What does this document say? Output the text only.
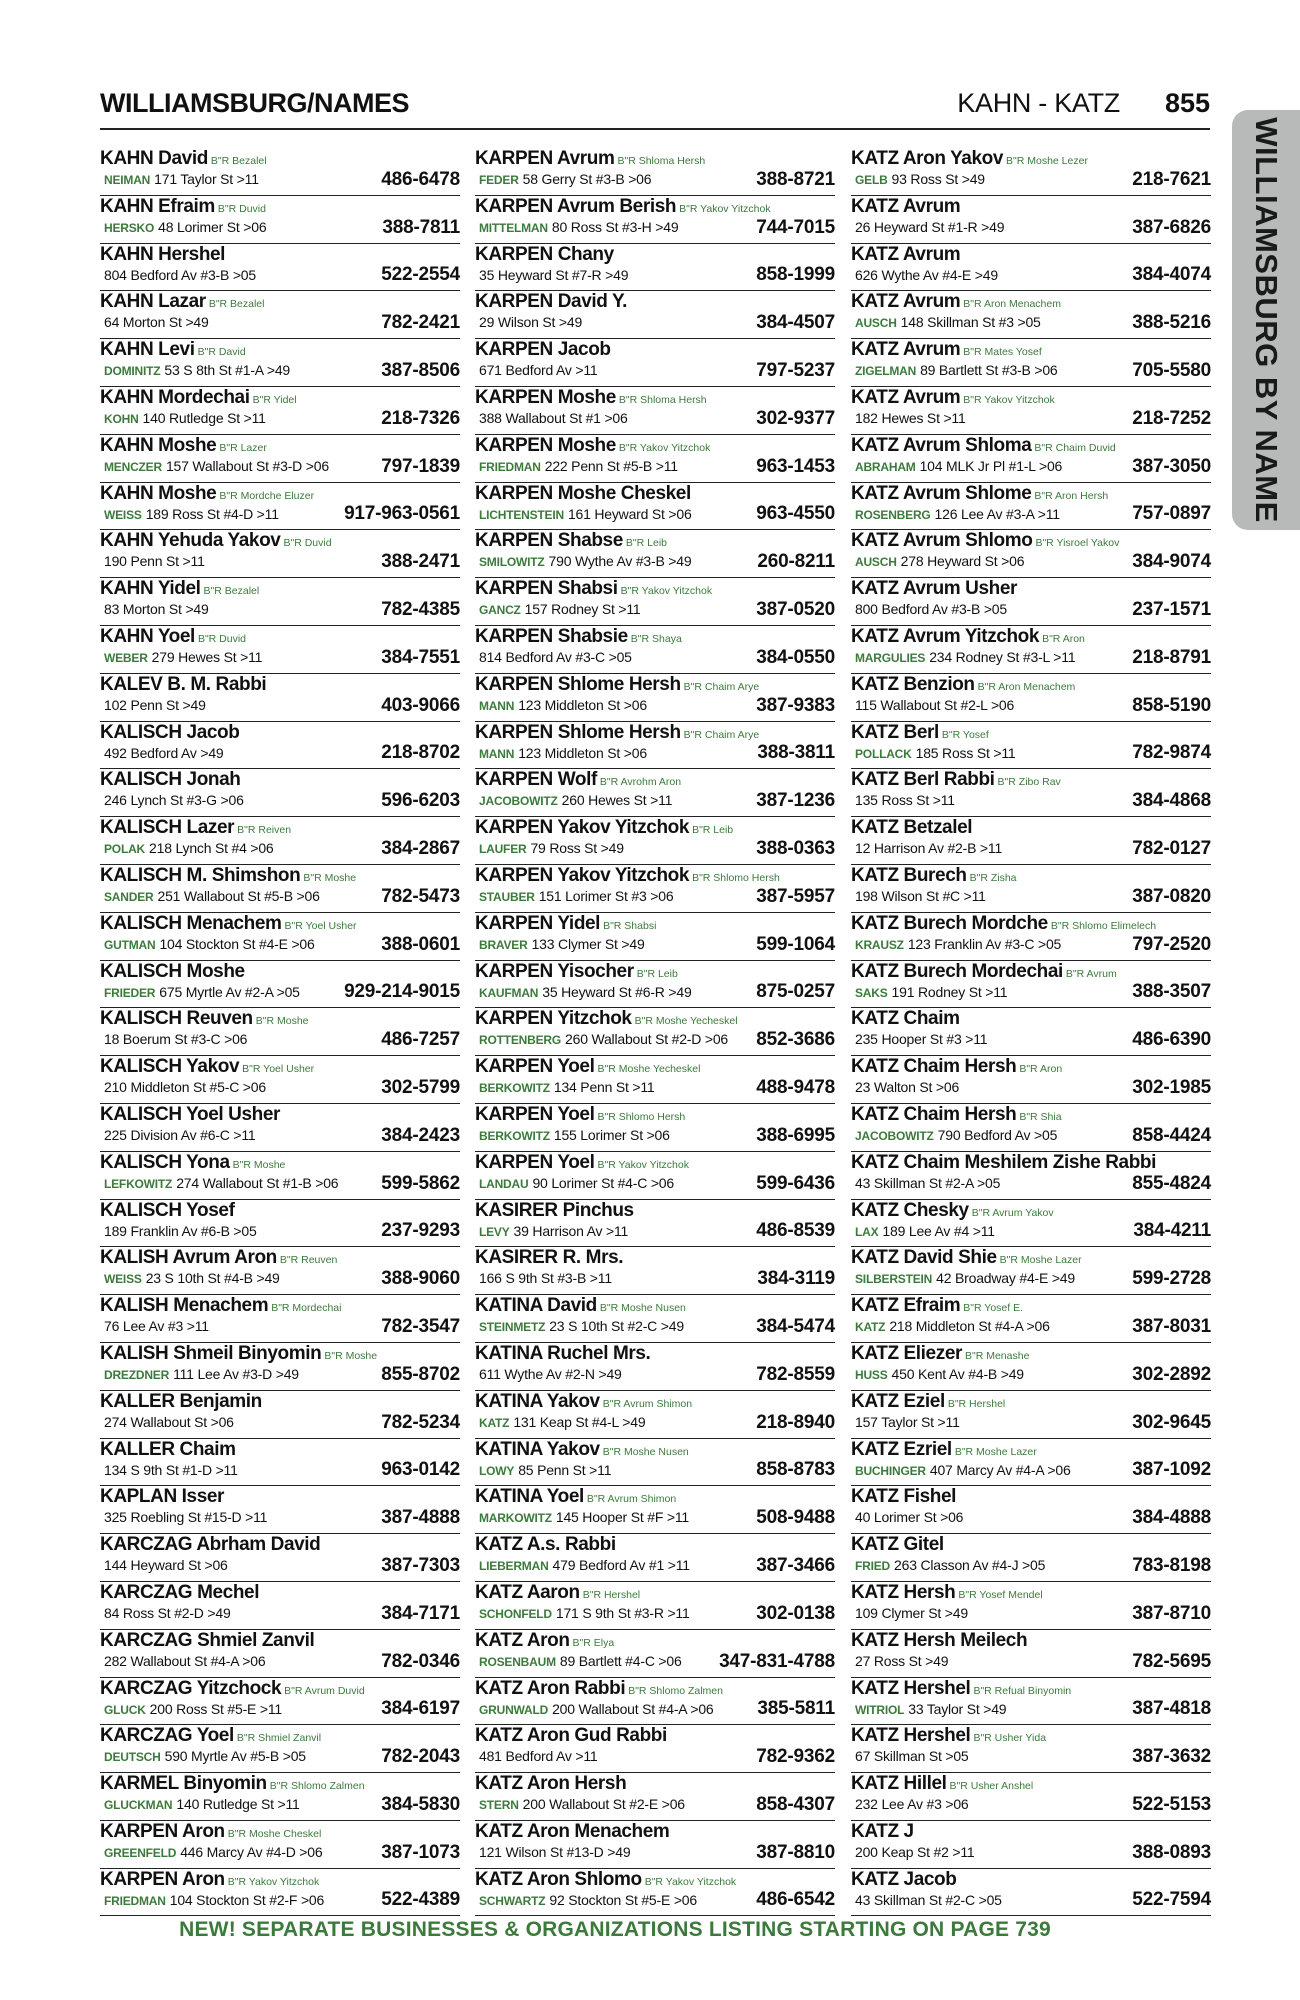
WILLIAMSBURG/NAMES	KAHN - KATZ 855
WILLIAMSBURG BY NAME
KAHN David B"R Bezalel
NEIMAN 171 Taylor St >11	486-6478
KAHN Efraim B"R Duvid
HERSKO 48 Lorimer St >06	388-7811
KAHN Hershel
804 Bedford Av #3-B >05	522-2554
KAHN Lazar B"R Bezalel
64 Morton St >49	782-2421
KAHN Levi B"R David
DOMINITZ 53 S 8th St #1-A >49	387-8506
KAHN Mordechai B"R Yidel
KOHN 140 Rutledge St >11	218-7326
KAHN Moshe B"R Lazer
MENCZER 157 Wallabout St #3-D >06	797-1839
KAHN Moshe B"R Mordche Eluzer
WEISS 189 Ross St #4-D >11	917-963-0561
KAHN Yehuda Yakov B"R Duvid
190 Penn St >11	388-2471
KAHN Yidel B"R Bezalel
83 Morton St >49	782-4385
KAHN Yoel B"R Duvid
WEBER 279 Hewes St >11	384-7551
KALEV B. M. Rabbi
102 Penn St >49	403-9066
KALISCH Jacob
492 Bedford Av >49	218-8702
KALISCH Jonah
246 Lynch St #3-G >06	596-6203
KALISCH Lazer B"R Reiven
POLAK 218 Lynch St #4 >06	384-2867
KALISCH M. Shimshon B"R Moshe
SANDER 251 Wallabout St #5-B >06	782-5473
KALISCH Menachem B"R Yoel Usher
GUTMAN 104 Stockton St #4-E >06	388-0601
KALISCH Moshe
FRIEDER 675 Myrtle Av #2-A >05 929-214-9015
KALISCH Reuven B"R Moshe
18 Boerum St #3-C >06	486-7257
KALISCH Yakov B"R Yoel Usher
210 Middleton St #5-C >06	302-5799
KALISCH Yoel Usher
225 Division Av #6-C >11	384-2423
KALISCH Yona B"R Moshe
LEFKOWITZ 274 Wallabout St #1-B >06 599-5862
KALISCH Yosef
189 Franklin Av #6-B >05	237-9293
KALISH Avrum Aron B"R Reuven
WEISS 23 S 10th St #4-B >49	388-9060
KALISH Menachem B"R Mordechai
76 Lee Av #3 >11	782-3547
KALISH Shmeil Binyomin B"R Moshe
DREZDNER 111 Lee Av #3-D >49	855-8702
KALLER Benjamin
274 Wallabout St >06	782-5234
KALLER Chaim
134 S 9th St #1-D >11	963-0142
KAPLAN Isser
325 Roebling St #15-D >11	387-4888
KARCZAG Abrham David
144 Heyward St >06	387-7303
KARCZAG Mechel
84 Ross St #2-D >49	384-7171
KARCZAG Shmiel Zanvil
282 Wallabout St #4-A >06	782-0346
KARCZAG Yitzchock B"R Avrum Duvid
GLUCK 200 Ross St #5-E >11	384-6197
KARCZAG Yoel B"R Shmiel Zanvil
DEUTSCH 590 Myrtle Av #5-B >05	782-2043
KARMEL Binyomin B"R Shlomo Zalmen
GLUCKMAN 140 Rutledge St >11	384-5830
KARPEN Aron B"R Moshe Cheskel
GREENFELD 446 Marcy Av #4-D >06	387-1073
KARPEN Aron B"R Yakov Yitzchok
FRIEDMAN 104 Stockton St #2-F >06	522-4389
KARPEN Avrum B"R Shloma Hersh
FEDER 58 Gerry St #3-B >06	388-8721
KARPEN Avrum Berish B"R Yakov Yitzchok
MITTELMAN 80 Ross St #3-H >49	744-7015
KARPEN Chany
35 Heyward St #7-R >49	858-1999
KARPEN David Y.
29 Wilson St >49	384-4507
KARPEN Jacob
671 Bedford Av >11	797-5237
KARPEN Moshe B"R Shloma Hersh
388 Wallabout St #1 >06	302-9377
KARPEN Moshe B"R Yakov Yitzchok
FRIEDMAN 222 Penn St #5-B >11	963-1453
KARPEN Moshe Cheskel
LICHTENSTEIN 161 Heyward St >06	963-4550
KARPEN Shabse B"R Leib
SMILOWITZ 790 Wythe Av #3-B >49	260-8211
KARPEN Shabsi B"R Yakov Yitzchok
GANCZ 157 Rodney St >11	387-0520
KARPEN Shabsie B"R Shaya
814 Bedford Av #3-C >05	384-0550
KARPEN Shlome Hersh B"R Chaim Arye
MANN 123 Middleton St >06	387-9383
KARPEN Shlome Hersh B"R Chaim Arye
MANN 123 Middleton St >06	388-3811
KARPEN Wolf B"R Avrohm Aron
JACOBOWITZ 260 Hewes St >11	387-1236
KARPEN Yakov Yitzchok B"R Leib
LAUFER 79 Ross St >49	388-0363
KARPEN Yakov Yitzchok B"R Shlomo Hersh
STAUBER 151 Lorimer St #3 >06	387-5957
KARPEN Yidel B"R Shabsi
BRAVER 133 Clymer St >49	599-1064
KARPEN Yisocher B"R Leib
KAUFMAN 35 Heyward St #6-R >49	875-0257
KARPEN Yitzchok B"R Moshe Yecheskel
ROTTENBERG 260 Wallabout St #2-D >06 852-3686
KARPEN Yoel B"R Moshe Yecheskel
BERKOWITZ 134 Penn St >11	488-9478
KARPEN Yoel B"R Shlomo Hersh
BERKOWITZ 155 Lorimer St >06	388-6995
KARPEN Yoel B"R Yakov Yitzchok
LANDAU 90 Lorimer St #4-C >06	599-6436
KASIRER Pinchus
LEVY 39 Harrison Av >11	486-8539
KASIRER R. Mrs.
166 S 9th St #3-B >11	384-3119
KATINA David B"R Moshe Nusen
STEINMETZ 23 S 10th St #2-C >49	384-5474
KATINA Ruchel Mrs.
611 Wythe Av #2-N >49	782-8559
KATINA Yakov B"R Avrum Shimon
KATZ 131 Keap St #4-L >49	218-8940
KATINA Yakov B"R Moshe Nusen
LOWY 85 Penn St >11	858-8783
KATINA Yoel B"R Avrum Shimon
MARKOWITZ 145 Hooper St #F >11	508-9488
KATZ A.s. Rabbi
LIEBERMAN 479 Bedford Av #1 >11	387-3466
KATZ Aaron B"R Hershel
SCHONFELD 171 S 9th St #3-R >11	302-0138
KATZ Aron B"R Elya
ROSENBAUM 89 Bartlett #4-C >06 347-831-4788
KATZ Aron Rabbi B"R Shlomo Zalmen
GRUNWALD 200 Wallabout St #4-A >06 385-5811
KATZ Aron Gud Rabbi
481 Bedford Av >11	782-9362
KATZ Aron Hersh
STERN 200 Wallabout St #2-E >06	858-4307
KATZ Aron Menachem
121 Wilson St #13-D >49	387-8810
KATZ Aron Shlomo B"R Yakov Yitzchok
SCHWARTZ 92 Stockton St #5-E >06	486-6542
KATZ Aron Yakov B"R Moshe Lezer
GELB 93 Ross St >49	218-7621
KATZ Avrum
26 Heyward St #1-R >49	387-6826
KATZ Avrum
626 Wythe Av #4-E >49	384-4074
KATZ Avrum B"R Aron Menachem
AUSCH 148 Skillman St #3 >05	388-5216
KATZ Avrum B"R Mates Yosef
ZIGELMAN 89 Bartlett St #3-B >06	705-5580
KATZ Avrum B"R Yakov Yitzchok
182 Hewes St >11	218-7252
KATZ Avrum Shloma B"R Chaim Duvid
ABRAHAM 104 MLK Jr Pl #1-L >06	387-3050
KATZ Avrum Shlome B"R Aron Hersh
ROSENBERG 126 Lee Av #3-A >11	757-0897
KATZ Avrum Shlomo B"R Yisroel Yakov
AUSCH 278 Heyward St >06	384-9074
KATZ Avrum Usher
800 Bedford Av #3-B >05	237-1571
KATZ Avrum Yitzchok B"R Aron
MARGULIES 234 Rodney St #3-L >11	218-8791
KATZ Benzion B"R Aron Menachem
115 Wallabout St #2-L >06	858-5190
KATZ Berl B"R Yosef
POLLACK 185 Ross St >11	782-9874
KATZ Berl Rabbi B"R Zibo Rav
135 Ross St >11	384-4868
KATZ Betzalel
12 Harrison Av #2-B >11	782-0127
KATZ Burech B"R Zisha
198 Wilson St #C >11	387-0820
KATZ Burech Mordche B"R Shlomo Elimelech
KRAUSZ 123 Franklin Av #3-C >05	797-2520
KATZ Burech Mordechai B"R Avrum
SAKS 191 Rodney St >11	388-3507
KATZ Chaim
235 Hooper St #3 >11	486-6390
KATZ Chaim Hersh B"R Aron
23 Walton St >06	302-1985
KATZ Chaim Hersh B"R Shia
JACOBOWITZ 790 Bedford Av >05	858-4424
KATZ Chaim Meshilem Zishe Rabbi
43 Skillman St #2-A >05	855-4824
KATZ Chesky B"R Avrum Yakov
LAX 189 Lee Av #4 >11	384-4211
KATZ David Shie B"R Moshe Lazer
SILBERSTEIN 42 Broadway #4-E >49	599-2728
KATZ Efraim B"R Yosef E.
KATZ 218 Middleton St #4-A >06	387-8031
KATZ Eliezer B"R Menashe
HUSS 450 Kent Av #4-B >49	302-2892
KATZ Eziel B"R Hershel
157 Taylor St >11	302-9645
KATZ Ezriel B"R Moshe Lazer
BUCHINGER 407 Marcy Av #4-A >06	387-1092
KATZ Fishel
40 Lorimer St >06	384-4888
KATZ Gitel
FRIED 263 Classon Av #4-J >05	783-8198
KATZ Hersh B"R Yosef Mendel
109 Clymer St >49	387-8710
KATZ Hersh Meilech
27 Ross St >49	782-5695
KATZ Hershel B"R Refual Binyomin
WITRIOL 33 Taylor St >49	387-4818
KATZ Hershel B"R Usher Yida
67 Skillman St >05	387-3632
KATZ Hillel B"R Usher Anshel
232 Lee Av #3 >06	522-5153
KATZ J
200 Keap St #2 >11	388-0893
KATZ Jacob
43 Skillman St #2-C >05	522-7594
NEW! SEPARATE BUSINESSES & ORGANIZATIONS LISTING STARTING ON PAGE 739
